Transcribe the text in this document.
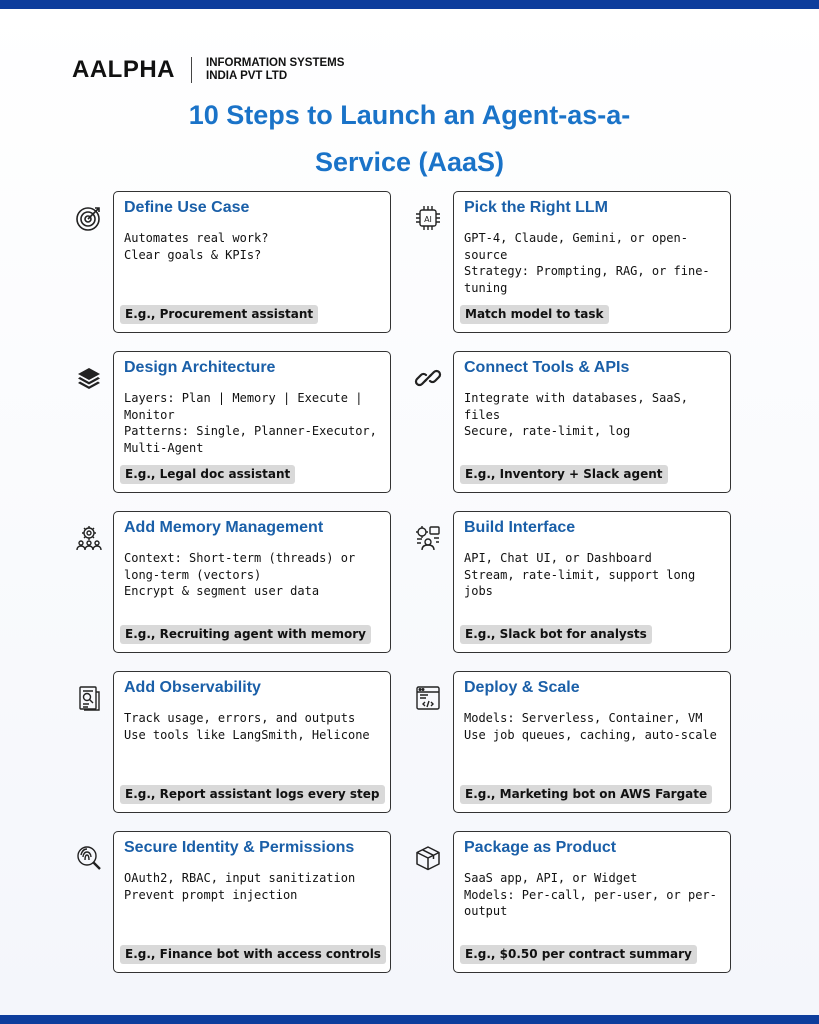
AALPHA	INFORMATION SYSTEMS
INDIA PVT LTD
10 Steps to Launch an Agent-as-a-
Service (AaaS)
Define Use Case
Automates real work?
Clear goals & KPIs?
E.g., Procurement assistant
AI
Pick the Right LLM
GPT-4, Claude, Gemini, or open-
source
Strategy: Prompting, RAG, or fine-
tuning
Match model to task
Design Architecture
Layers: Plan | Memory | Execute |
Monitor
Patterns: Single, Planner-Executor,
Multi-Agent
E.g., Legal doc assistant
Connect Tools & APIs
Integrate with databases, SaaS, files
Secure, rate-limit, log
E.g., Inventory + Slack agent
Add Memory Management
Context: Short-term (threads) or
long-term (vectors)
Encrypt & segment user data
E.g., Recruiting agent with memory
Build Interface
API, Chat UI, or Dashboard
Stream, rate-limit, support long jobs
E.g., Slack bot for analysts
Add Observability
Track usage, errors, and outputs
Use tools like LangSmith, Helicone
E.g., Report assistant logs every step
Deploy & Scale
Models: Serverless, Container, VM
Use job queues, caching, auto-scale
E.g., Marketing bot on AWS Fargate
Secure Identity & Permissions
OAuth2, RBAC, input sanitization
Prevent prompt injection
E.g., Finance bot with access controls
Package as Product
SaaS app, API, or Widget
Models: Per-call, per-user, or per-
output
E.g., $0.50 per contract summary
